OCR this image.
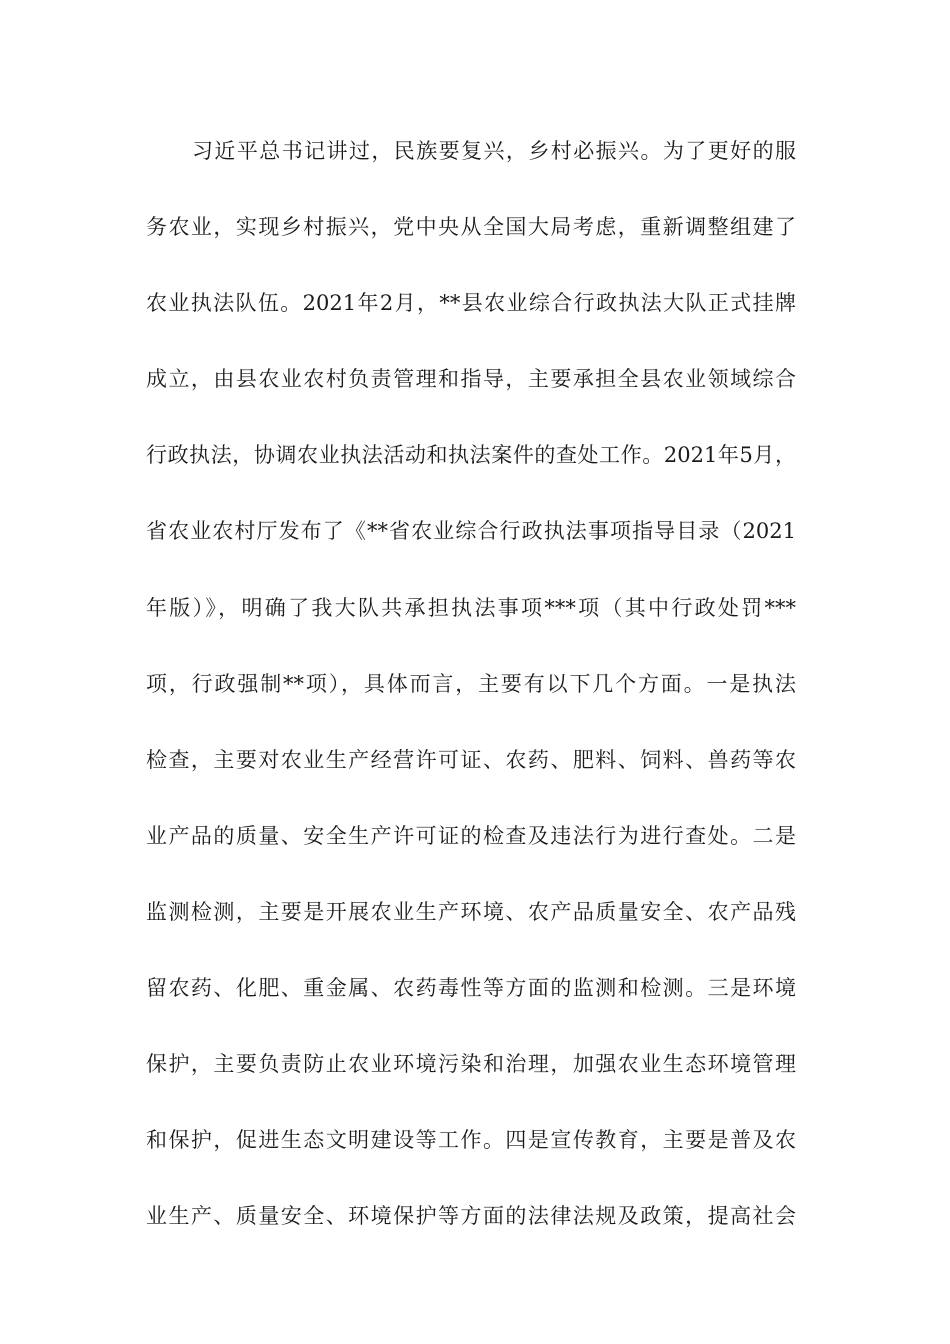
习近平总书记讲过，民族要复兴，乡村必振兴。为了更好的服
务农业，实现乡村振兴，党中央从全国大局考虑，重新调整组建了
农业执法队伍。2021年2月，**县农业综合行政执法大队正式挂牌
成立，由县农业农村负责管理和指导，主要承担全县农业领域综合
行政执法，协调农业执法活动和执法案件的查处工作。2021年5月，
省农业农村厅发布了《**省农业综合行政执法事项指导目录（2021
年版）》，明确了我大队共承担执法事项***项（其中行政处罚***
项，行政强制**项），具体而言，主要有以下几个方面。一是执法
检查，主要对农业生产经营许可证、农药、肥料、饲料、兽药等农
业产品的质量、安全生产许可证的检查及违法行为进行查处。二是
监测检测，主要是开展农业生产环境、农产品质量安全、农产品残
留农药、化肥、重金属、农药毒性等方面的监测和检测。三是环境
保护，主要负责防止农业环境污染和治理，加强农业生态环境管理
和保护，促进生态文明建设等工作。四是宣传教育，主要是普及农
业生产、质量安全、环境保护等方面的法律法规及政策，提高社会
